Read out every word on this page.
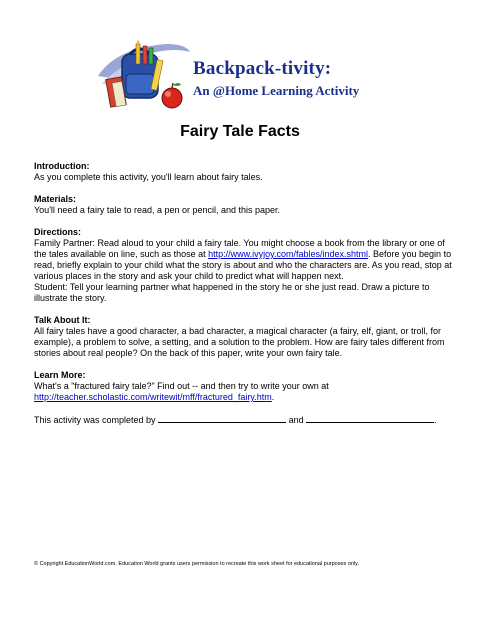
Backpack-tivity:
An @Home Learning Activity
Fairy Tale Facts
Introduction:

As you complete this activity, you'll learn about fairy tales.

Materials:

You'll need a fairy tale to read, a pen or pencil, and this paper.

Directions:

Family Partner: Read aloud to your child a fairy tale. You might choose a book from the library or one of the tales available on line, such as those at http://www.ivyjoy.com/fables/index.shtml. Before you begin to read, briefly explain to your child what the story is about and who the characters are. As you read, stop at various places in the story and ask your child to predict what will happen next.

Student: Tell your learning partner what happened in the story he or she just read. Draw a picture to illustrate the story.

Talk About It:

All fairy tales have a good character, a bad character, a magical character (a fairy, elf, giant, or troll, for example), a problem to solve, a setting, and a solution to the problem. How are fairy tales different from stories about real people? On the back of this paper, write your own fairy tale.

Learn More:

What's a "fractured fairy tale?" Find out -- and then try to write your own at
http://teacher.scholastic.com/writewit/mff/fractured_fairy.htm.

This activity was completed by	and	.

© Copyright EducationWorld.com. Education World grants users permission to recreate this work sheet for educational purposes only.
